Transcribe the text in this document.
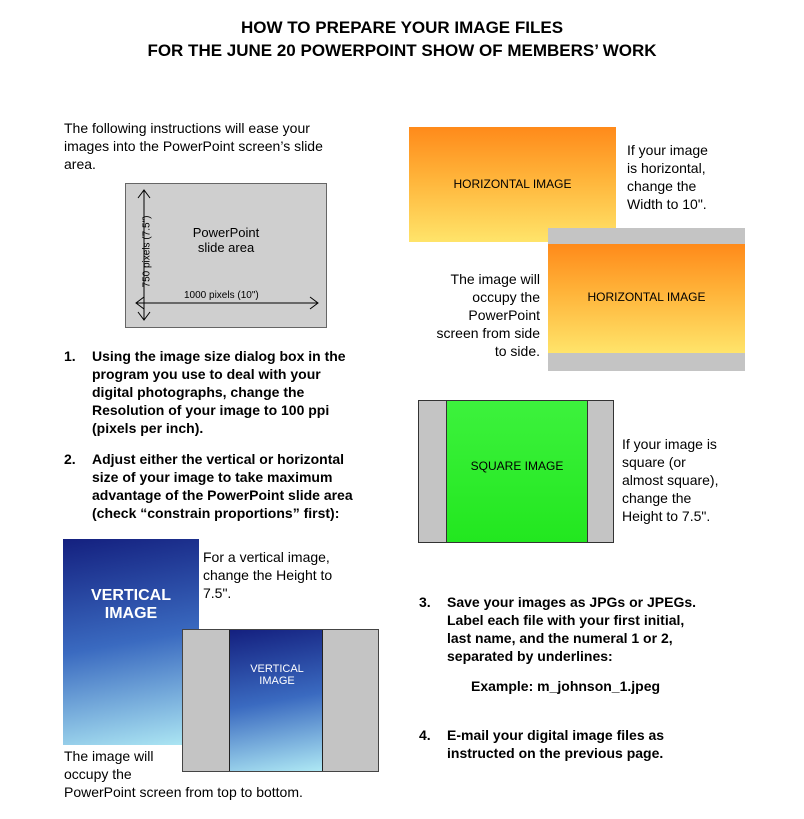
HOW TO PREPARE YOUR IMAGE FILES
FOR THE JUNE 20 POWERPOINT SHOW OF MEMBERS’ WORK
The following instructions will ease your
images into the PowerPoint screen’s slide
area.
PowerPoint
slide area
1000 pixels (10")
750 pixels (7.5")
1. Using the image size dialog box in the
program you use to deal with your
digital photographs, change the
Resolution of your image to 100 ppi
(pixels per inch).
2. Adjust either the vertical or horizontal
size of your image to take maximum
advantage of the PowerPoint slide area
(check “constrain proportions” first):
VERTICAL
IMAGE
For a vertical image,
change the Height to
7.5".
VERTICAL
IMAGE
The image will
occupy the
PowerPoint screen from top to bottom.
HORIZONTAL IMAGE
If your image
is horizontal,
change the
Width to 10".
HORIZONTAL IMAGE
The image will
occupy the
PowerPoint
screen from side
to side.
SQUARE IMAGE
If your image is
square (or
almost square),
change the
Height to 7.5".
3. Save your images as JPGs or JPEGs.
Label each file with your first initial,
last name, and the numeral 1 or 2,
separated by underlines:
Example: m_johnson_1.jpeg
4. E-mail your digital image files as
instructed on the previous page.
